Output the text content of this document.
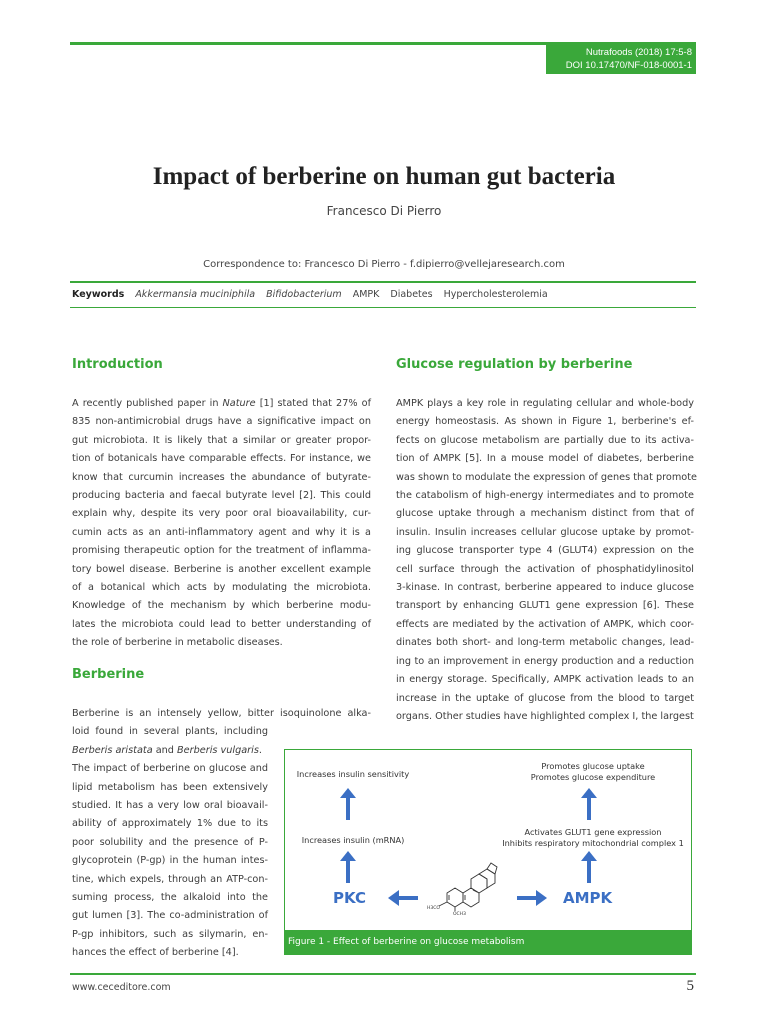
Nutrafoods (2018) 17:5-8
DOI 10.17470/NF-018-0001-1
Impact of berberine on human gut bacteria
Francesco Di Pierro
Correspondence to: Francesco Di Pierro - f.dipierro@vellejaresearch.com
Keywords Akkermansia muciniphila Bifidobacterium AMPK Diabetes Hypercholesterolemia
Introduction
A recently published paper in Nature [1] stated that 27% of
835 non-antimicrobial drugs have a significative impact on
gut microbiota. It is likely that a similar or greater propor-
tion of botanicals have comparable effects. For instance, we
know that curcumin increases the abundance of butyrate-
producing bacteria and faecal butyrate level [2]. This could
explain why, despite its very poor oral bioavailability, cur-
cumin acts as an anti-inflammatory agent and why it is a
promising therapeutic option for the treatment of inflamma-
tory bowel disease. Berberine is another excellent example
of a botanical which acts by modulating the microbiota.
Knowledge of the mechanism by which berberine modu-
lates the microbiota could lead to better understanding of
the role of berberine in metabolic diseases.
Berberine
Berberine is an intensely yellow, bitter isoquinolone alka-
loid found in several plants, including
Berberis aristata and Berberis vulgaris.
The impact of berberine on glucose and
lipid metabolism has been extensively
studied. It has a very low oral bioavail-
ability of approximately 1% due to its
poor solubility and the presence of P-
glycoprotein (P-gp) in the human intes-
tine, which expels, through an ATP-con-
suming process, the alkaloid into the
gut lumen [3]. The co-administration of
P-gp inhibitors, such as silymarin, en-
hances the effect of berberine [4].
Glucose regulation by berberine
AMPK plays a key role in regulating cellular and whole-body
energy homeostasis. As shown in Figure 1, berberine's ef-
fects on glucose metabolism are partially due to its activa-
tion of AMPK [5]. In a mouse model of diabetes, berberine
was shown to modulate the expression of genes that promote
the catabolism of high-energy intermediates and to promote
glucose uptake through a mechanism distinct from that of
insulin. Insulin increases cellular glucose uptake by promot-
ing glucose transporter type 4 (GLUT4) expression on the
cell surface through the activation of phosphatidylinositol
3-kinase. In contrast, berberine appeared to induce glucose
transport by enhancing GLUT1 gene expression [6]. These
effects are mediated by the activation of AMPK, which coor-
dinates both short- and long-term metabolic changes, lead-
ing to an improvement in energy production and a reduction
in energy storage. Specifically, AMPK activation leads to an
increase in the uptake of glucose from the blood to target
organs. Other studies have highlighted complex I, the largest
Increases insulin sensitivity
Increases insulin (mRNA)
PKC
H3CO
OCH3
AMPK
Promotes glucose uptake
Promotes glucose expenditure
Activates GLUT1 gene expression
Inhibits respiratory mitochondrial complex 1
Figure 1 - Effect of berberine on glucose metabolism
www.ceceditore.com	5
